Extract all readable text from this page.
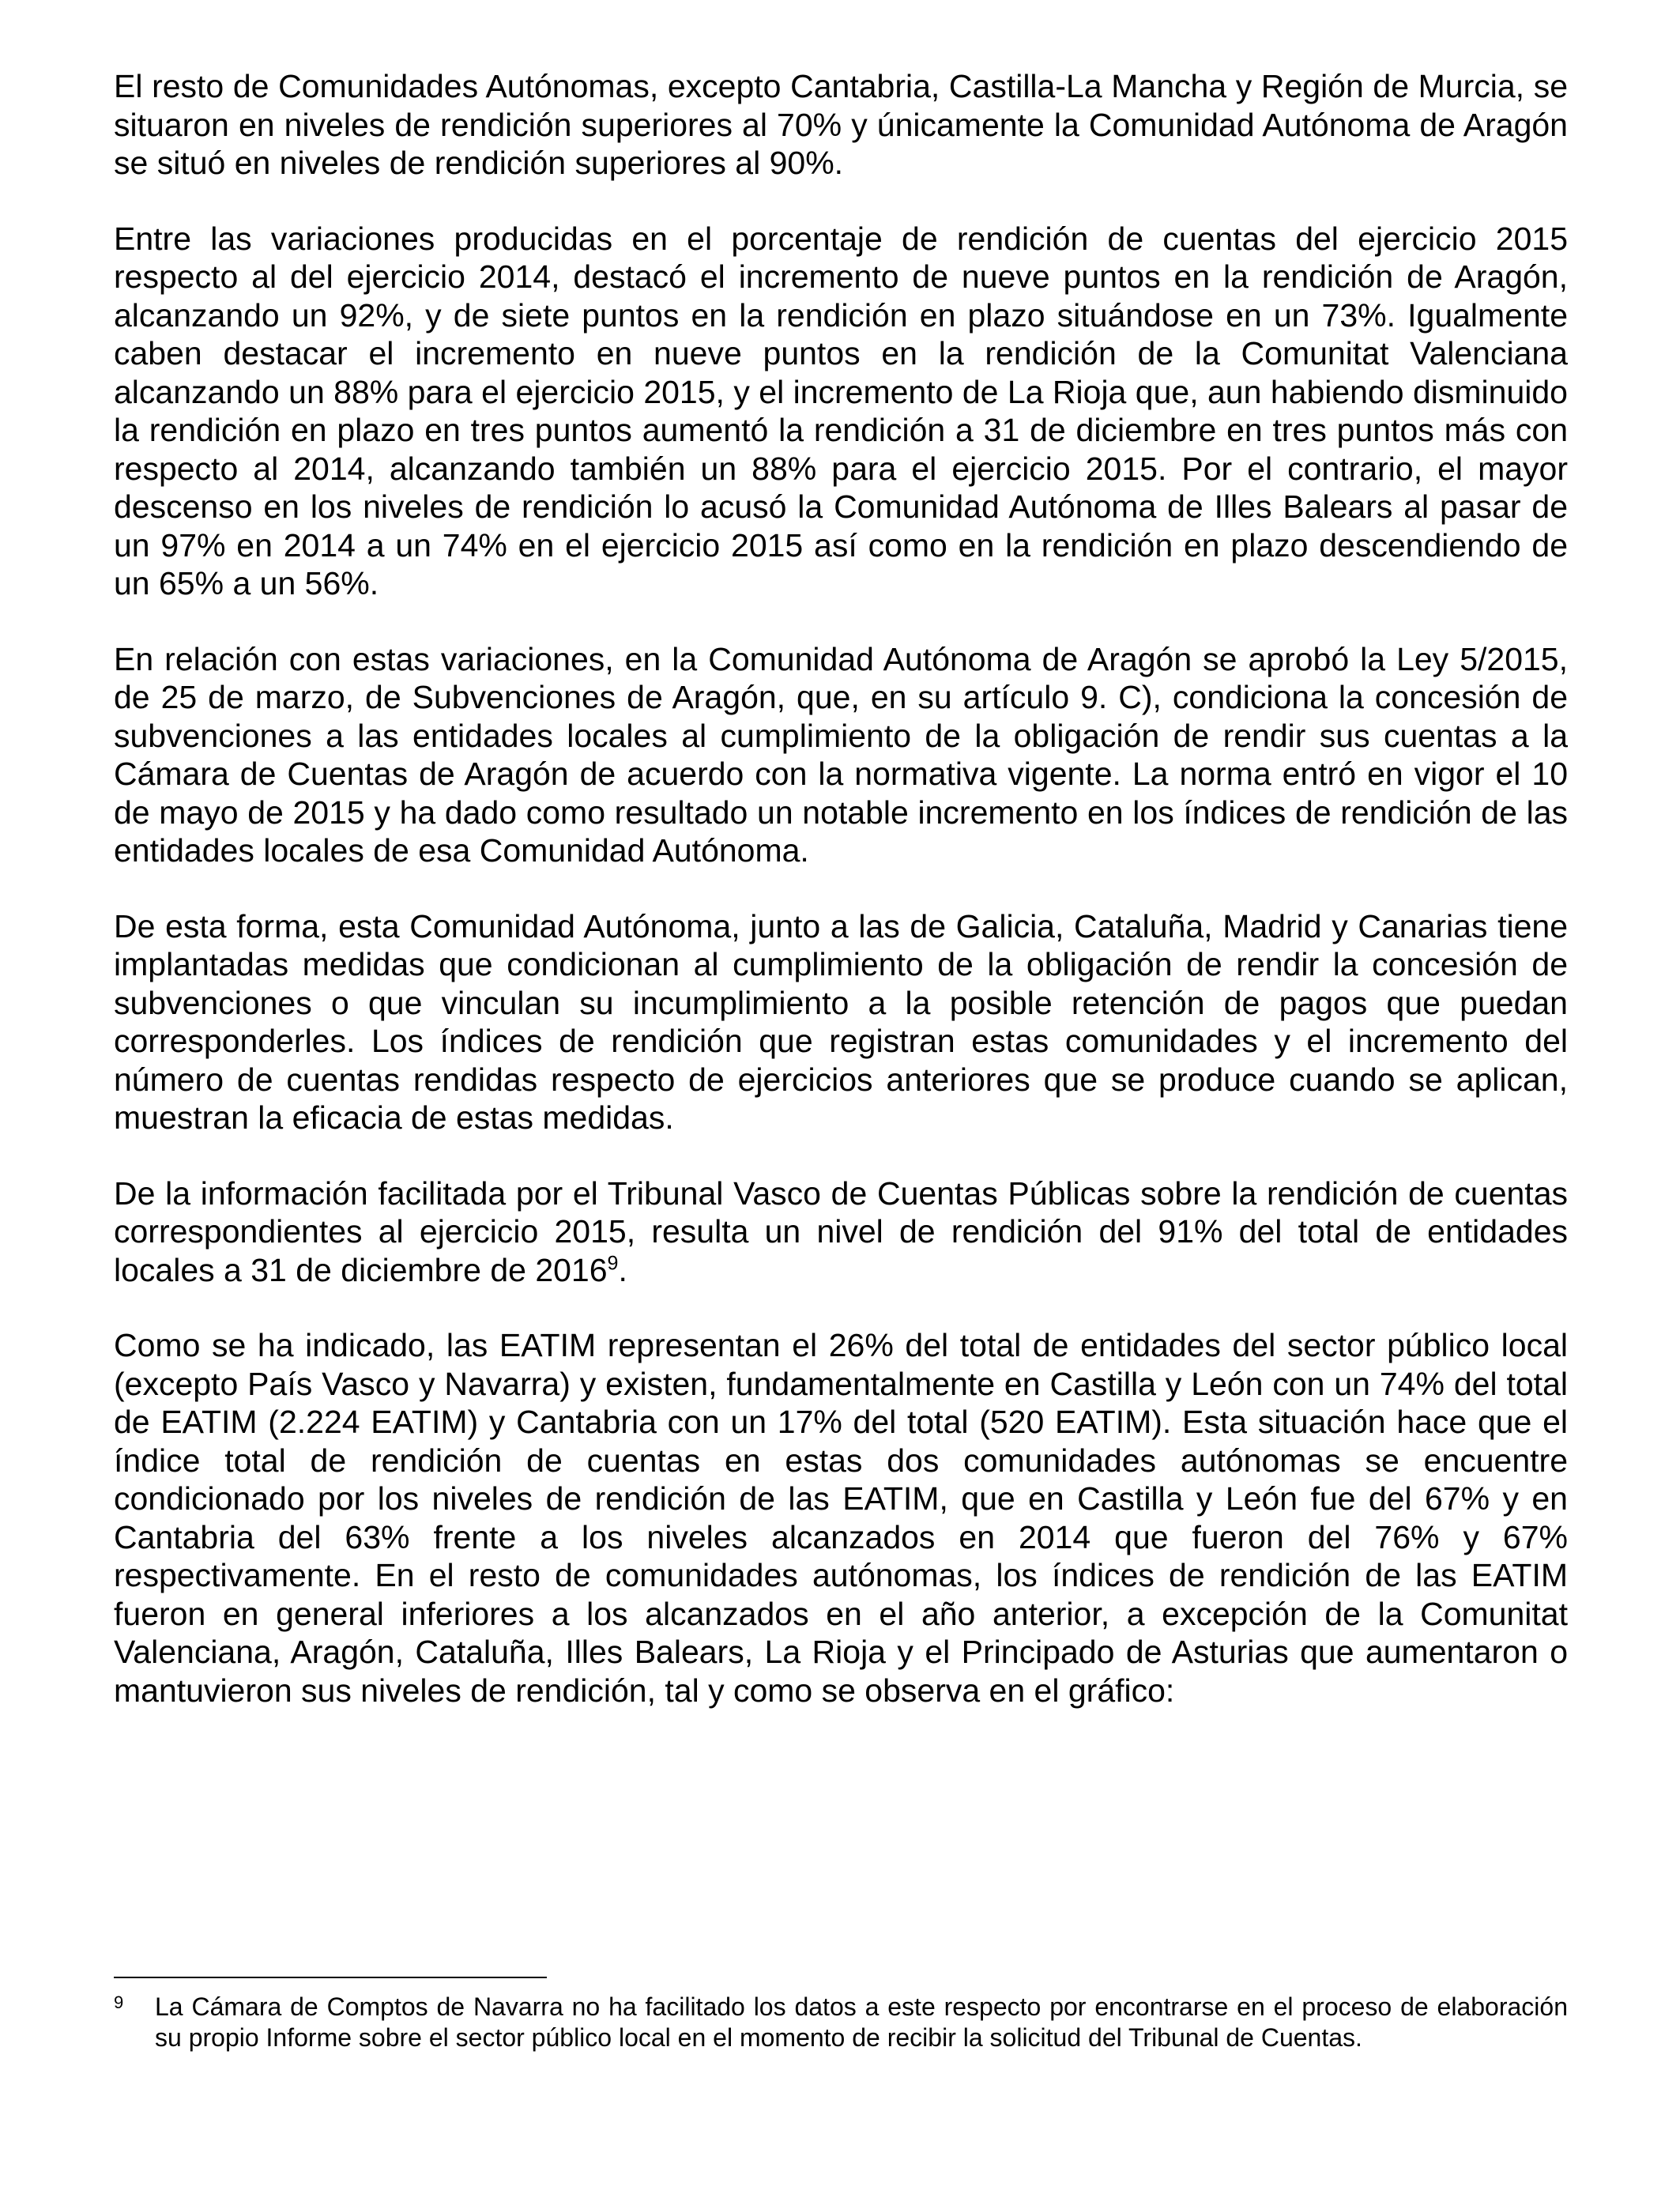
El resto de Comunidades Autónomas, excepto Cantabria, Castilla-La Mancha y Región de Murcia, se situaron en niveles de rendición superiores al 70% y únicamente la Comunidad Autónoma de Aragón se situó en niveles de rendición superiores al 90%.

Entre las variaciones producidas en el porcentaje de rendición de cuentas del ejercicio 2015 respecto al del ejercicio 2014, destacó el incremento de nueve puntos en la rendición de Aragón, alcanzando un 92%, y de siete puntos en la rendición en plazo situándose en un 73%. Igualmente caben destacar el incremento en nueve puntos en la rendición de la Comunitat Valenciana alcanzando un 88% para el ejercicio 2015, y el incremento de La Rioja que, aun habiendo disminuido la rendición en plazo en tres puntos aumentó la rendición a 31 de diciembre en tres puntos más con respecto al 2014, alcanzando también un 88% para el ejercicio 2015. Por el contrario, el mayor descenso en los niveles de rendición lo acusó la Comunidad Autónoma de Illes Balears al pasar de un 97% en 2014 a un 74% en el ejercicio 2015 así como en la rendición en plazo descendiendo de un 65% a un 56%.

En relación con estas variaciones, en la Comunidad Autónoma de Aragón se aprobó la Ley 5/2015, de 25 de marzo, de Subvenciones de Aragón, que, en su artículo 9. C), condiciona la concesión de subvenciones a las entidades locales al cumplimiento de la obligación de rendir sus cuentas a la Cámara de Cuentas de Aragón de acuerdo con la normativa vigente. La norma entró en vigor el 10 de mayo de 2015 y ha dado como resultado un notable incremento en los índices de rendición de las entidades locales de esa Comunidad Autónoma.

De esta forma, esta Comunidad Autónoma, junto a las de Galicia, Cataluña, Madrid y Canarias tiene implantadas medidas que condicionan al cumplimiento de la obligación de rendir la concesión de subvenciones o que vinculan su incumplimiento a la posible retención de pagos que puedan corresponderles. Los índices de rendición que registran estas comunidades y el incremento del número de cuentas rendidas respecto de ejercicios anteriores que se produce cuando se aplican, muestran la eficacia de estas medidas.

De la información facilitada por el Tribunal Vasco de Cuentas Públicas sobre la rendición de cuentas correspondientes al ejercicio 2015, resulta un nivel de rendición del 91% del total de entidades locales a 31 de diciembre de 2016$^9$.

Como se ha indicado, las EATIM representan el 26% del total de entidades del sector público local (excepto País Vasco y Navarra) y existen, fundamentalmente en Castilla y León con un 74% del total de EATIM (2.224 EATIM) y Cantabria con un 17% del total (520 EATIM). Esta situación hace que el índice total de rendición de cuentas en estas dos comunidades autónomas se encuentre condicionado por los niveles de rendición de las EATIM, que en Castilla y León fue del 67% y en Cantabria del 63% frente a los niveles alcanzados en 2014 que fueron del 76% y 67% respectivamente. En el resto de comunidades autónomas, los índices de rendición de las EATIM fueron en general inferiores a los alcanzados en el año anterior, a excepción de la Comunitat Valenciana, Aragón, Cataluña, Illes Balears, La Rioja y el Principado de Asturias que aumentaron o mantuvieron sus niveles de rendición, tal y como se observa en el gráfico:

9 La Cámara de Comptos de Navarra no ha facilitado los datos a este respecto por encontrarse en el proceso de elaboración su propio Informe sobre el sector público local en el momento de recibir la solicitud del Tribunal de Cuentas.
